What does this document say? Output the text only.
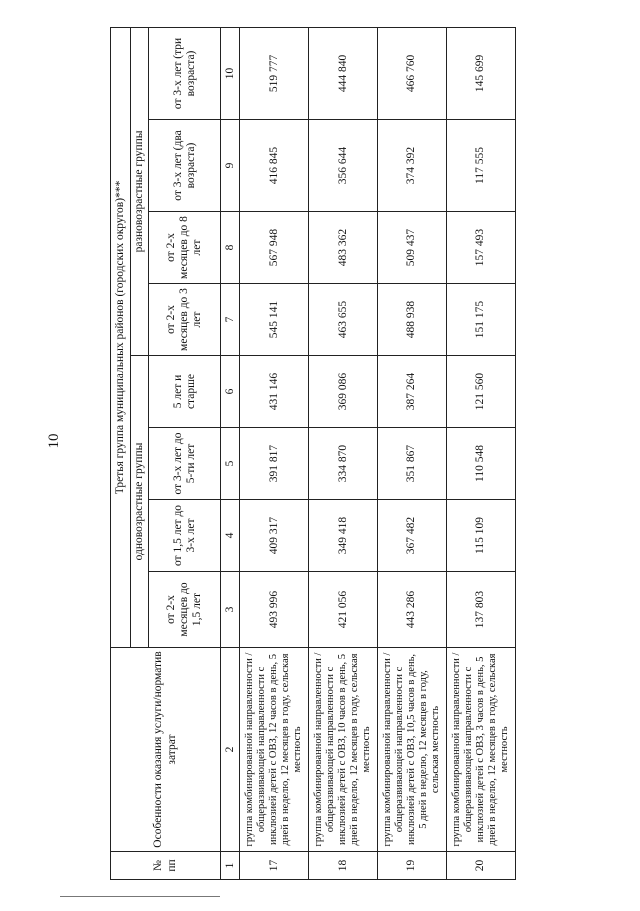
10
№ пп	Особенности оказания услуги/норматив затрат	Третья группа муниципальных районов (городских округов)***							
		одновозрастные группы				разновозрастные группы			
		от 2-х месяцев до 1,5 лет	от 1,5 лет до 3-х лет	от 3-х лет до 5-ти лет	5 лет и старше	от 2-х месяцев до 3 лет	от 2-х месяцев до 8 лет	от 3-х лет (два возраста)	от 3-х лет (три возраста)
1	2	3	4	5	6	7	8	9	10
17	группа комбинированной направленности / общеразвивающей направленности с инклюзией детей с ОВЗ, 12 часов в день, 5 дней в неделю, 12 месяцев в году, сельская местность	493 996	409 317	391 817	431 146	545 141	567 948	416 845	519 777
18	группа комбинированной направленности / общеразвивающей направленности с инклюзией детей с ОВЗ, 10 часов в день, 5 дней в неделю, 12 месяцев в году, сельская местность	421 056	349 418	334 870	369 086	463 655	483 362	356 644	444 840
19	группа комбинированной направленности / общеразвивающей направленности с инклюзией детей с ОВЗ, 10,5 часов в день, 5 дней в неделю, 12 месяцев в году, сельская местность	443 286	367 482	351 867	387 264	488 938	509 437	374 392	466 760
20	группа комбинированной направленности / общеразвивающей направленности с инклюзией детей с ОВЗ, 3 часов в день, 5 дней в неделю, 12 месяцев в году, сельская местность	137 803	115 109	110 548	121 560	151 175	157 493	117 555	145 699
